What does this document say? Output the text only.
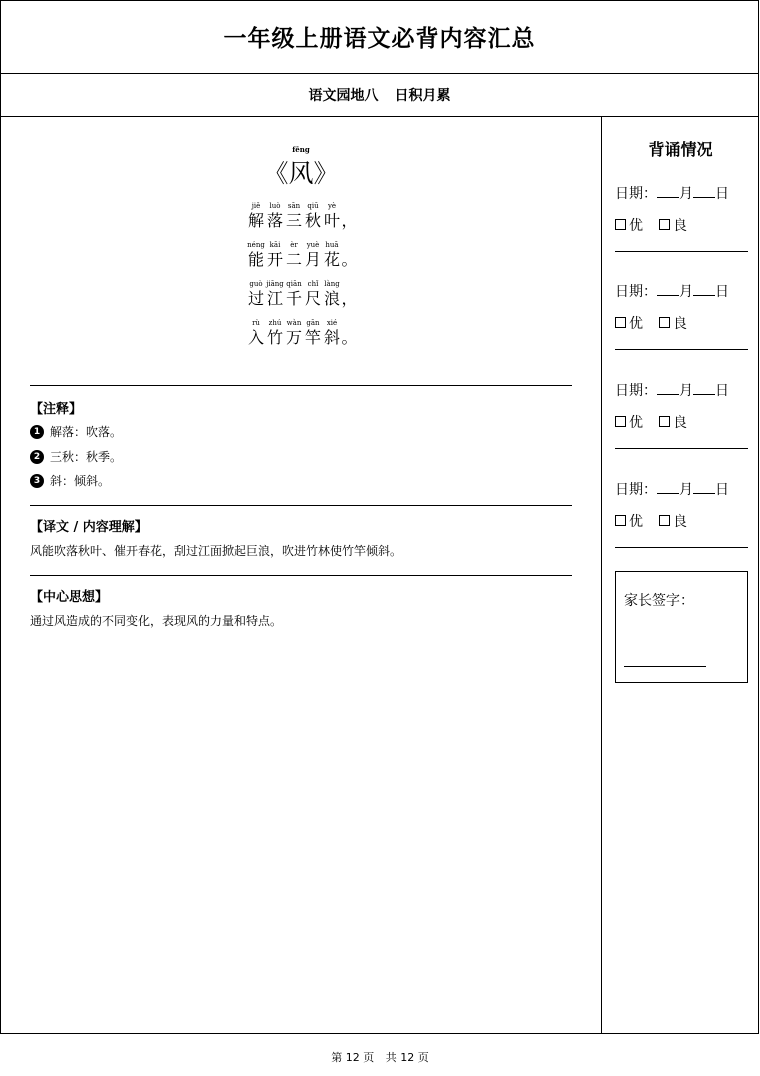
一年级上册语文必背内容汇总
语文园地八 日积月累
fēng
《风》
jiě
解
luò
落
sān
三
qiū
秋
yè
叶 ，
néng
能
kāi
开
èr
二
yuè
月
huā
花 。
guò
过
jiāng
江
qiān
千
chǐ
尺
làng
浪 ，
rù
入
zhú
竹
wàn
万
gān
竿
xié
斜 。
【注释】
1 解落：吹落。
2 三秋：秋季。
3 斜：倾斜。
【译文 / 内容理解】
风能吹落秋叶、催开春花，刮过江面掀起巨浪，吹进竹林使竹竿倾斜。
【中心思想】
通过风造成的不同变化，表现风的力量和特点。
背诵情况
日期： 月 日
优	良
日期： 月 日
优	良
日期： 月 日
优	良
日期： 月 日
优	良
家长签字：
第 12 页 共 12 页
